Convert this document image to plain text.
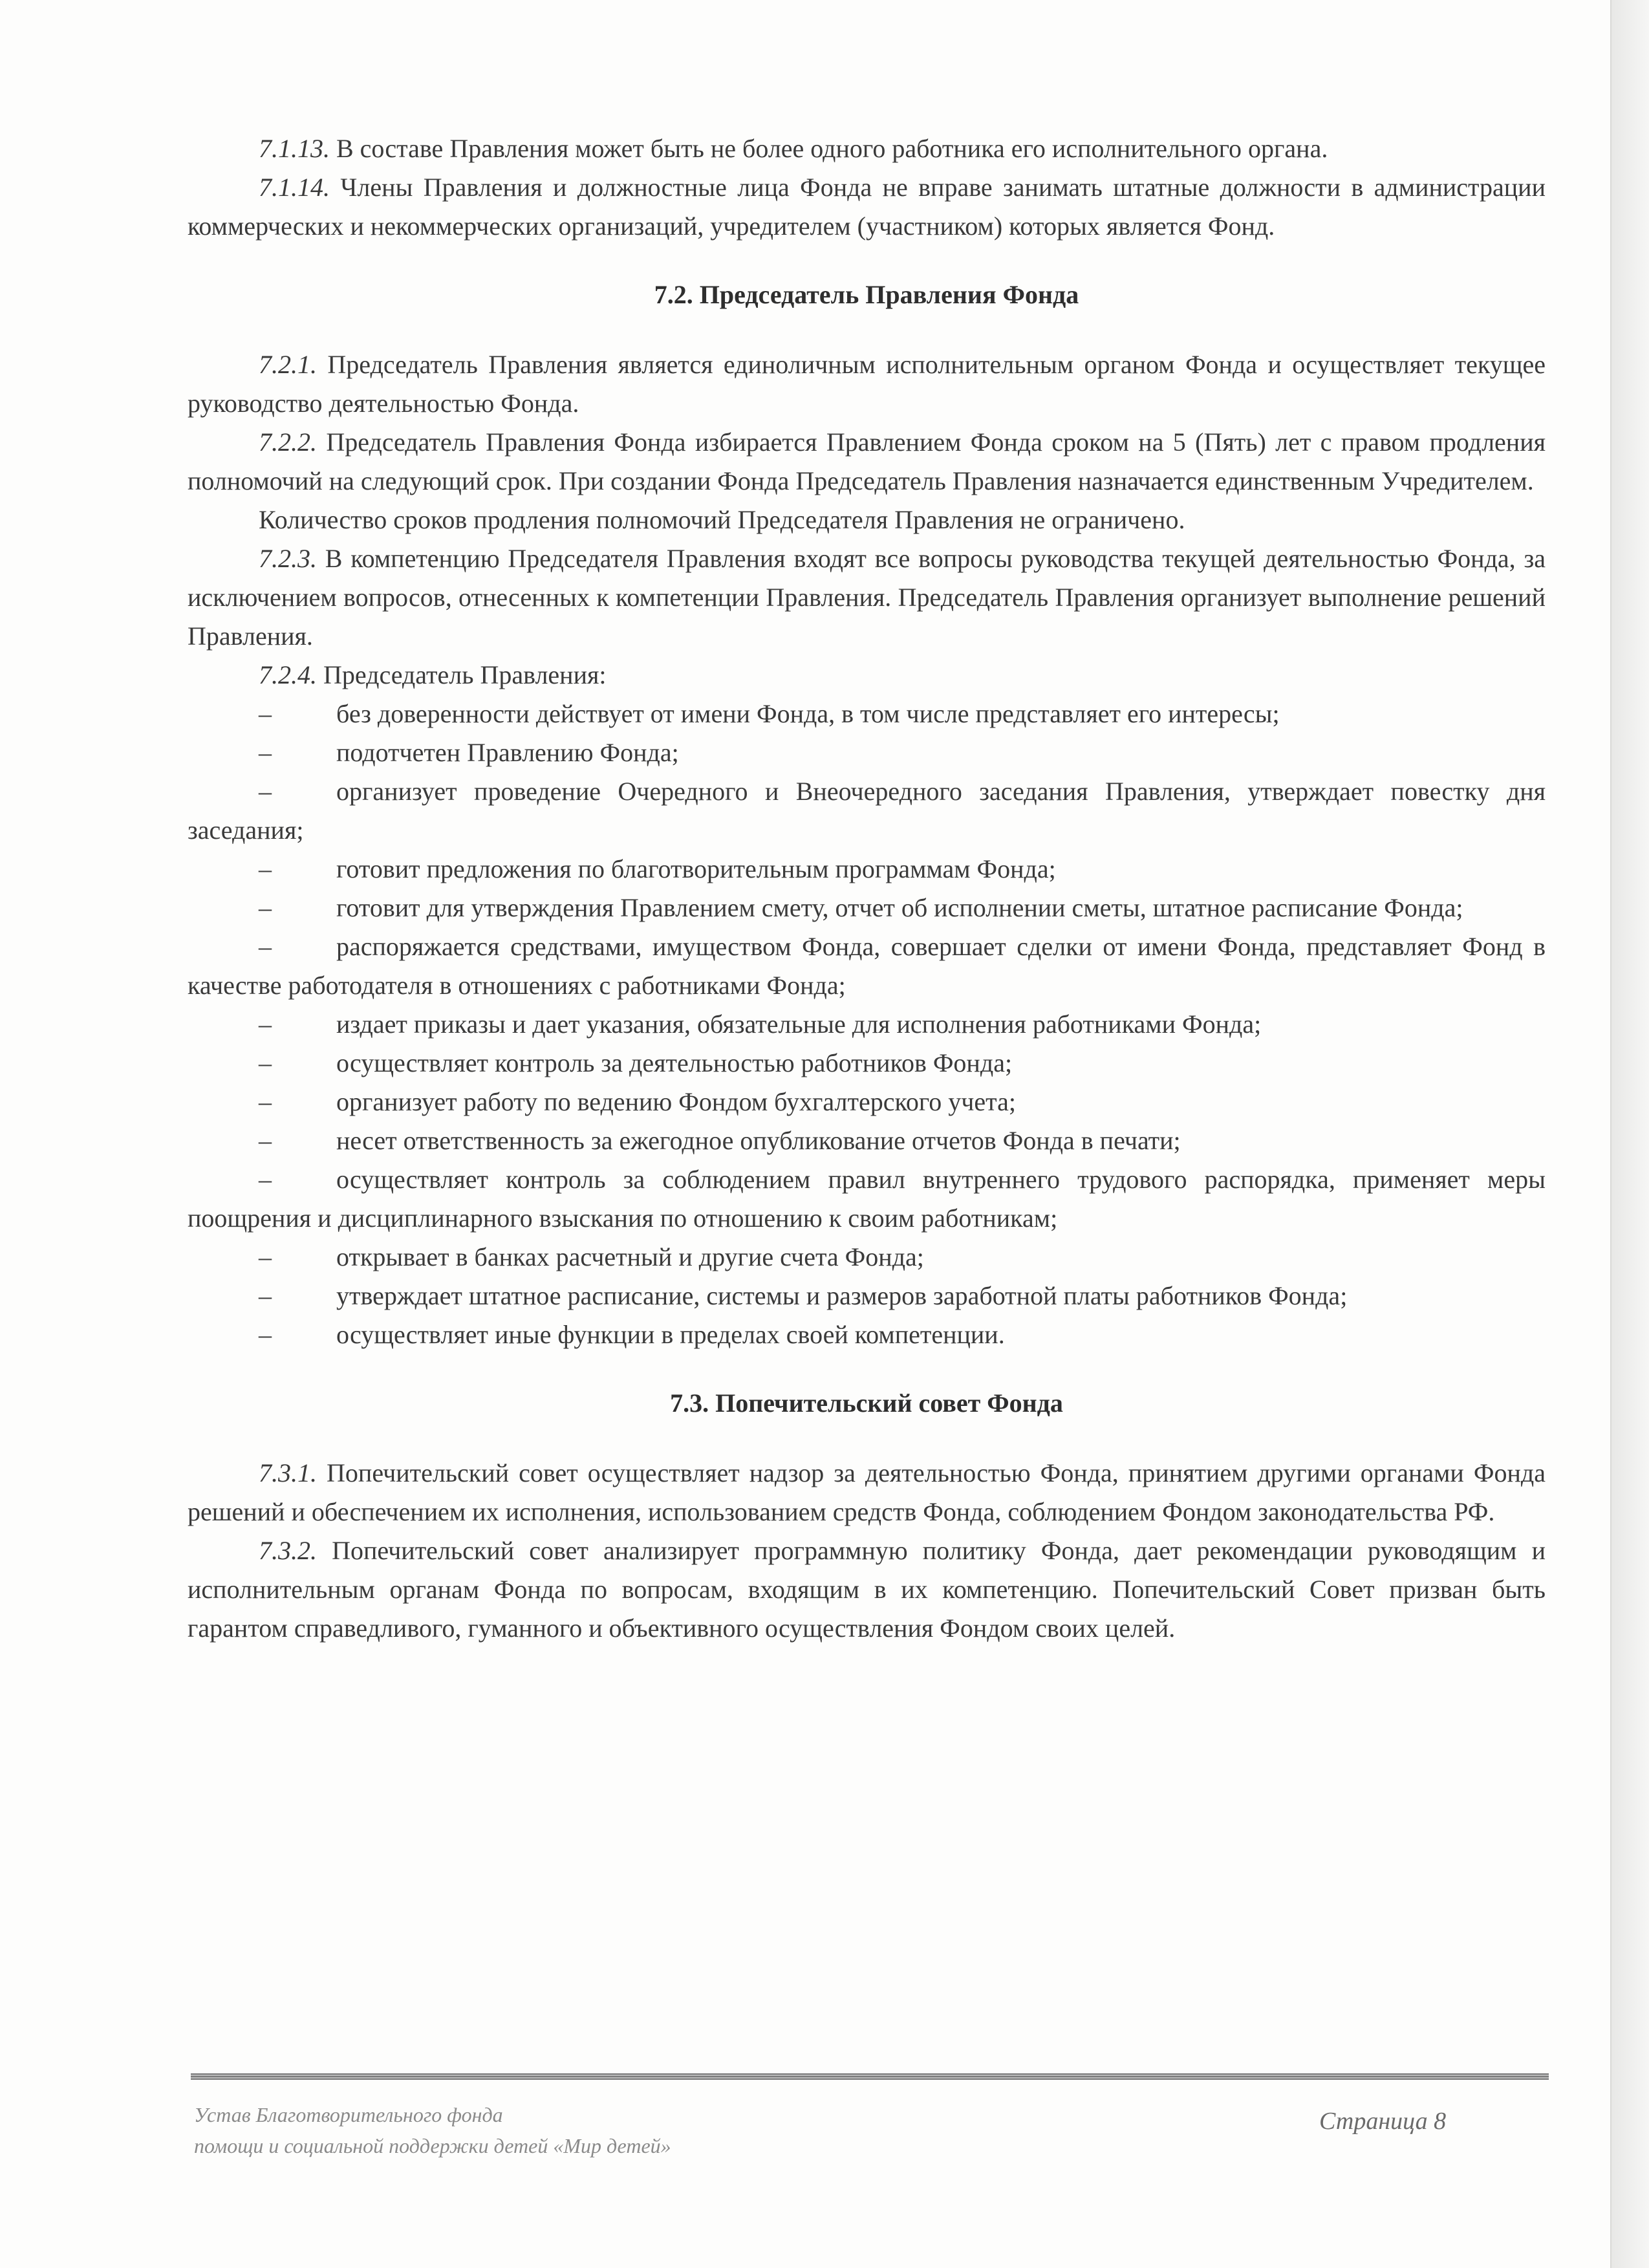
7.1.13. В составе Правления может быть не более одного работника его исполнительного органа.

7.1.14. Члены Правления и должностные лица Фонда не вправе занимать штатные должности в администрации коммерческих и некоммерческих организаций, учредителем (участником) которых является Фонд.

7.2. Председатель Правления Фонда

7.2.1. Председатель Правления является единоличным исполнительным органом Фонда и осуществляет текущее руководство деятельностью Фонда.

7.2.2. Председатель Правления Фонда избирается Правлением Фонда сроком на 5 (Пять) лет с правом продления полномочий на следующий срок. При создании Фонда Председатель Правления назначается единственным Учредителем.

Количество сроков продления полномочий Председателя Правления не ограничено.

7.2.3. В компетенцию Председателя Правления входят все вопросы руководства текущей деятельностью Фонда, за исключением вопросов, отнесенных к компетенции Правления. Председатель Правления организует выполнение решений Правления.

7.2.4. Председатель Правления:

–	без доверенности действует от имени Фонда, в том числе представляет его интересы;

–	подотчетен Правлению Фонда;

–	организует проведение Очередного и Внеочередного заседания Правления, утверждает повестку дня заседания;

–	готовит предложения по благотворительным программам Фонда;

–	готовит для утверждения Правлением смету, отчет об исполнении сметы, штатное расписание Фонда;

–	распоряжается средствами, имуществом Фонда, совершает сделки от имени Фонда, представляет Фонд в качестве работодателя в отношениях с работниками Фонда;

–	издает приказы и дает указания, обязательные для исполнения работниками Фонда;

–	осуществляет контроль за деятельностью работников Фонда;

–	организует работу по ведению Фондом бухгалтерского учета;

–	несет ответственность за ежегодное опубликование отчетов Фонда в печати;

–	осуществляет контроль за соблюдением правил внутреннего трудового распорядка, применяет меры поощрения и дисциплинарного взыскания по отношению к своим работникам;

–	открывает в банках расчетный и другие счета Фонда;

–	утверждает штатное расписание, системы и размеров заработной платы работников Фонда;

–	осуществляет иные функции в пределах своей компетенции.

7.3. Попечительский совет Фонда

7.3.1. Попечительский совет осуществляет надзор за деятельностью Фонда, принятием другими органами Фонда решений и обеспечением их исполнения, использованием средств Фонда, соблюдением Фондом законодательства РФ.

7.3.2. Попечительский совет анализирует программную политику Фонда, дает рекомендации руководящим и исполнительным органам Фонда по вопросам, входящим в их компетенцию. Попечительский Совет призван быть гарантом справедливого, гуманного и объективного осуществления Фондом своих целей.

Устав Благотворительного фонда
помощи и социальной поддержки детей «Мир детей»
Страница 8
